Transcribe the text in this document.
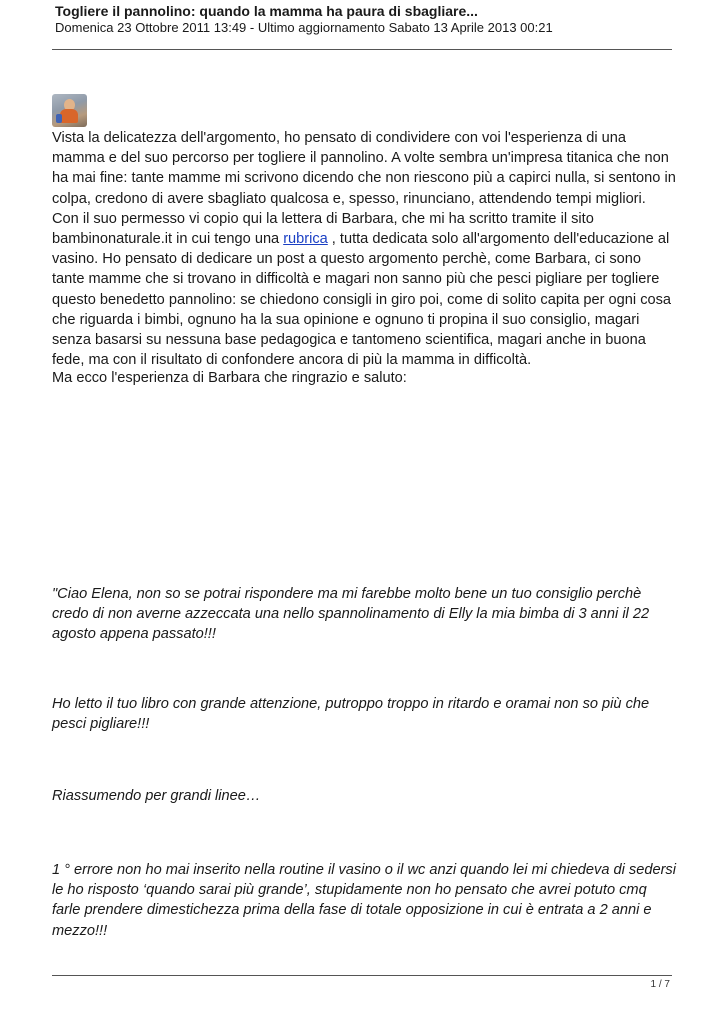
Togliere il pannolino: quando la mamma ha paura di sbagliare...
Domenica 23 Ottobre 2011 13:49 - Ultimo aggiornamento Sabato 13 Aprile 2013 00:21

Vista la delicatezza dell'argomento, ho pensato di condividere con voi l'esperienza di una mamma e del suo percorso per togliere il pannolino. A volte sembra un'impresa titanica che non ha mai fine: tante mamme mi scrivono dicendo che non riescono più a capirci nulla, si sentono in colpa, credono di avere sbagliato qualcosa e, spesso, rinunciano, attendendo tempi migliori. Con il suo permesso vi copio qui la lettera di Barbara, che mi ha scritto tramite il sito bambinonaturale.it in cui tengo una rubrica , tutta dedicata solo all'argomento dell'educazione al vasino. Ho pensato di dedicare un post a questo argomento perchè, come Barbara, ci sono tante mamme che si trovano in difficoltà e magari non sanno più che pesci pigliare per togliere questo benedetto pannolino: se chiedono consigli in giro poi, come di solito capita per ogni cosa che riguarda i bimbi, ognuno ha la sua opinione e ognuno ti propina il suo consiglio, magari senza basarsi su nessuna base pedagogica e tantomeno scientifica, magari anche in buona fede, ma con il risultato di confondere ancora di più la mamma in difficoltà.

Ma ecco l'esperienza di Barbara che ringrazio e saluto:

"Ciao Elena, non so se potrai rispondere ma mi farebbe molto bene un tuo consiglio perchè credo di non averne azzeccata una nello spannolinamento di Elly la mia bimba di 3 anni il 22 agosto appena passato!!!

Ho letto il tuo libro con grande attenzione, putroppo troppo in ritardo e oramai non so più che pesci pigliare!!!

Riassumendo per grandi linee…

1 ° errore non ho mai inserito nella routine il vasino o il wc anzi quando lei mi chiedeva di sedersi le ho risposto ‘quando sarai più grande’, stupidamente non ho pensato che avrei potuto cmq farle prendere dimestichezza prima della fase di totale opposizione in cui è entrata a 2 anni e mezzo!!!

1 / 7
